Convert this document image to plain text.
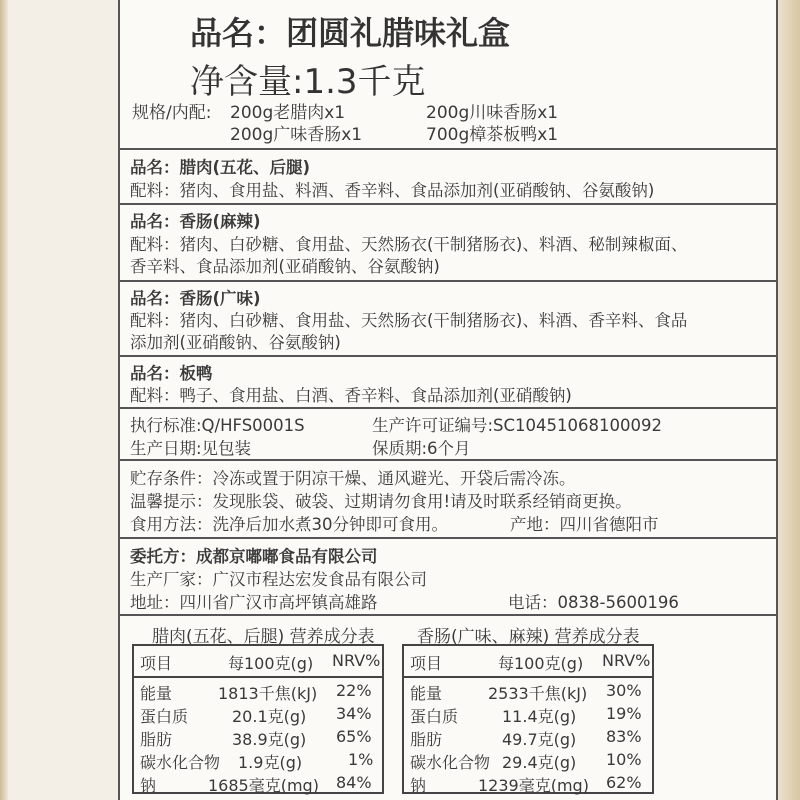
品名：团圆礼腊味礼盒
净含量:1.3千克
规格/内配: 200g老腊肉x1	200g川味香肠x1
200g广味香肠x1	700g樟茶板鸭x1
品名：腊肉(五花、后腿)
配料：猪肉、食用盐、料酒、香辛料、食品添加剂(亚硝酸钠、谷氨酸钠)
品名：香肠(麻辣)
配料：猪肉、白砂糖、食用盐、天然肠衣(干制猪肠衣)、料酒、秘制辣椒面、
香辛料、食品添加剂(亚硝酸钠、谷氨酸钠)
品名：香肠(广味)
配料：猪肉、白砂糖、食用盐、天然肠衣(干制猪肠衣)、料酒、香辛料、食品
添加剂(亚硝酸钠、谷氨酸钠)
品名：板鸭
配料：鸭子、食用盐、白酒、香辛料、食品添加剂(亚硝酸钠)
执行标准:Q/HFS0001S	生产许可证编号:SC10451068100092
生产日期:见包装	保质期:6个月
贮存条件：冷冻或置于阴凉干燥、通风避光、开袋后需冷冻。
温馨提示：发现胀袋、破袋、过期请勿食用!请及时联系经销商更换。
食用方法：洗净后加水煮30分钟即可食用。	产地：四川省德阳市
委托方：成都京嘟嘟食品有限公司
生产厂家：广汉市程达宏发食品有限公司
地址：四川省广汉市高坪镇高雄路	电话：0838-5600196
腊肉(五花、后腿) 营养成分表 香肠(广味、麻辣) 营养成分表
项目	每100克(g) NRV%
能量	1813千焦(kJ) 22%
蛋白质	20.1克(g) 34%
脂肪	38.9克(g) 65%
碳水化合物 1.9克(g)	1%
钠	1685毫克(mg) 84%
项目	每100克(g) NRV%
能量	2533千焦(kJ) 30%
蛋白质	11.4克(g) 19%
脂肪	49.7克(g) 83%
碳水化合物 29.4克(g) 10%
钠	1239毫克(mg) 62%
